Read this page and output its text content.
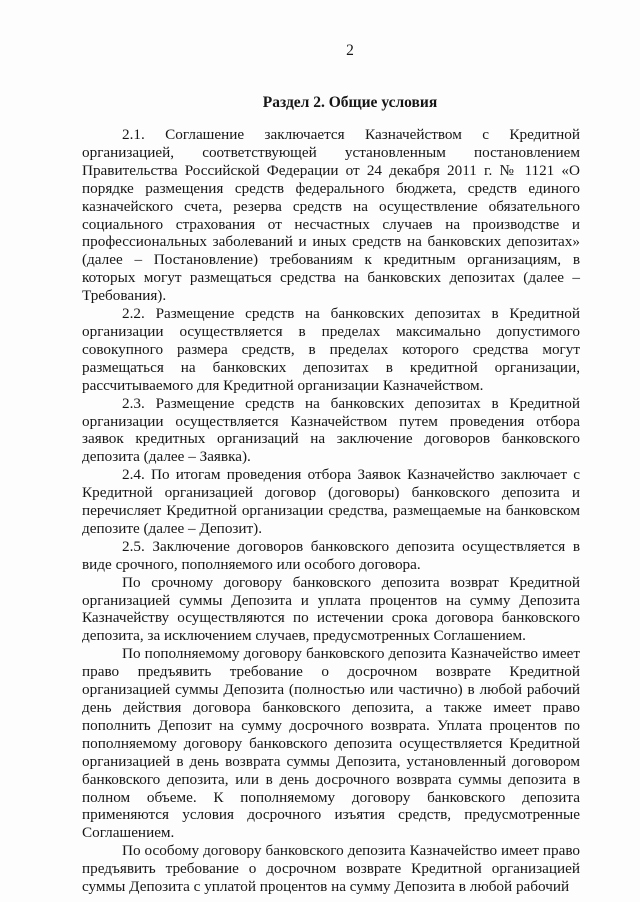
2
Раздел 2. Общие условия

2.1. Соглашение заключается Казначейством с Кредитной организацией, соответствующей установленным постановлением Правительства Российской Федерации от 24 декабря 2011 г. № 1121 «О порядке размещения средств федерального бюджета, средств единого казначейского счета, резерва средств на осуществление обязательного социального страхования от несчастных случаев на производстве и профессиональных заболеваний и иных средств на банковских депозитах» (далее – Постановление) требованиям к кредитным организациям, в которых могут размещаться средства на банковских депозитах (далее – Требования).

2.2. Размещение средств на банковских депозитах в Кредитной организации осуществляется в пределах максимально допустимого совокупного размера средств, в пределах которого средства могут размещаться на банковских депозитах в кредитной организации, рассчитываемого для Кредитной организации Казначейством.

2.3. Размещение средств на банковских депозитах в Кредитной организации осуществляется Казначейством путем проведения отбора заявок кредитных организаций на заключение договоров банковского депозита (далее – Заявка).

2.4. По итогам проведения отбора Заявок Казначейство заключает с Кредитной организацией договор (договоры) банковского депозита и перечисляет Кредитной организации средства, размещаемые на банковском депозите (далее – Депозит).

2.5. Заключение договоров банковского депозита осуществляется в виде срочного, пополняемого или особого договора.

По срочному договору банковского депозита возврат Кредитной организацией суммы Депозита и уплата процентов на сумму Депозита Казначейству осуществляются по истечении срока договора банковского депозита, за исключением случаев, предусмотренных Соглашением.

По пополняемому договору банковского депозита Казначейство имеет право предъявить требование о досрочном возврате Кредитной организацией суммы Депозита (полностью или частично) в любой рабочий день действия договора банковского депозита, а также имеет право пополнить Депозит на сумму досрочного возврата. Уплата процентов по пополняемому договору банковского депозита осуществляется Кредитной организацией в день возврата суммы Депозита, установленный договором банковского депозита, или в день досрочного возврата суммы депозита в полном объеме. К пополняемому договору банковского депозита применяются условия досрочного изъятия средств, предусмотренные Соглашением.

По особому договору банковского депозита Казначейство имеет право предъявить требование о досрочном возврате Кредитной организацией суммы Депозита с уплатой процентов на сумму Депозита в любой рабочий
